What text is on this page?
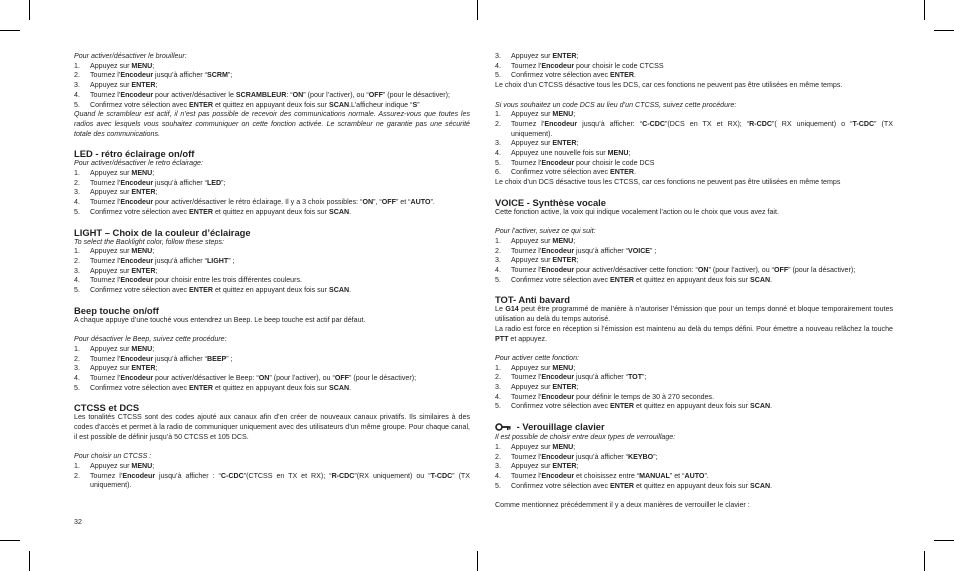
Pour activer/désactiver le brouilleur:

1. Appuyez sur MENU;
2. Tournez l’Encodeur jusqu’à afficher “SCRM”;
3. Appuyez sur ENTER;
4. Tournez l’Encodeur pour activer/désactiver le SCRAMBLEUR: “ON” (pour l’activer), ou “OFF” (pour le désactiver);
5. Confirmez votre sélection avec ENTER et quittez en appuyant deux fois sur SCAN.L’afficheur indique “S”

Quand le scrambleur est actif, il n’est pas possible de recevoir des communications normale. Assurez-vous que toutes les radios avec lesquels vous souhaitez communiquer on cette fonction activée. Le scrambleur ne garantie pas une sécurité totale des communications.

LED - rétro éclairage on/off

Pour activer/désactiver le retro éclairage:

1. Appuyez sur MENU;
2. Tournez l’Encodeur jusqu’à afficher “LED”;
3. Appuyez sur ENTER;
4. Tournez l’Encodeur pour activer/désactiver le rétro éclairage. Il y a 3 choix possibles: “ON”, “OFF” et “AUTO”.
5. Confirmez votre sélection avec ENTER et quittez en appuyant deux fois sur SCAN.
LIGHT – Choix de la couleur d’éclairage

To select the Backlight color, follow these steps:

1. Appuyez sur MENU;
2. Tournez l’Encodeur jusqu’à afficher “LIGHT” ;
3. Appuyez sur ENTER;
4. Tournez l’Encodeur pour choisir entre les trois différentes couleurs.
5. Confirmez votre sélection avec ENTER et quittez en appuyant deux fois sur SCAN.
Beep touche on/off

A chaque appuye d’une touché vous entendrez un Beep. Le beep touche est actif par défaut.

Pour désactiver le Beep, suivez cette procédure:

1. Appuyez sur MENU;
2. Tournez l’Encodeur jusqu’à afficher “BEEP” ;
3. Appuyez sur ENTER;
4. Tournez l’Encodeur pour activer/désactiver le Beep: “ON” (pour l’activer), ou “OFF” (pour le désactiver);
5. Confirmez votre sélection avec ENTER et quittez en appuyant deux fois sur SCAN.
CTCSS et DCS

Les tonalités CTCSS sont des codes ajouté aux canaux afin d’en créer de nouveaux canaux privatifs. Ils similaires à des codes d’accès et permet à la radio de communiquer uniquement avec des utilisateurs d’un même groupe. Pour chaque canal, il est possible de définir jusqu’à 50 CTCSS et 105 DCS.

Pour choisir un CTCSS :

1. Appuyez sur MENU;
2. Tournez l’Encodeur jusqu’à afficher : “C-CDC”(CTCSS en TX et RX); “R-CDC”(RX uniquement) ou “T-CDC” (TX uniquement).
32
3. Appuyez sur ENTER;
4. Tournez l’Encodeur pour choisir le code CTCSS
5. Confirmez votre sélection avec ENTER.

Le choix d’un CTCSS désactive tous les DCS, car ces fonctions ne peuvent pas être utilisées en même temps.

Si vous souhaitez un code DCS au lieu d’un CTCSS, suivez cette procédure:

1. Appuyez sur MENU;
2. Tournez l’Encodeur jusqu’à afficher: “C-CDC”(DCS en TX et RX); “R-CDC”( RX uniquement) o “T-CDC” (TX uniquement).
3. Appuyez sur ENTER;
4. Appuyez une nouvelle fois sur MENU;
5. Tournez l’Encodeur pour choisir le code DCS
6. Confirmez votre sélection avec ENTER.

Le choix d’un DCS désactive tous les CTCSS, car ces fonctions ne peuvent pas être utilisées en même temps

VOICE - Synthèse vocale

Cette fonction active, la voix qui indique vocalement l’action ou le choix que vous avez fait.

Pour l’activer, suivez ce qui suit:

1. Appuyez sur MENU;
2. Tournez l’Encodeur jusqu’à afficher “VOICE” ;
3. Appuyez sur ENTER;
4. Tournez l’Encodeur pour activer/désactiver cette fonction: “ON” (pour l’activer), ou “OFF” (pour la désactiver);
5. Confirmez votre sélection avec ENTER et quittez en appuyant deux fois sur SCAN.
TOT- Anti bavard

Le G14 peut être programmé de manière à n’autoriser l’émission que pour un temps donné et bloque temporairement toutes utilisation au delà du temps autorisé.

La radio est force en réception si l’émission est maintenu au delà du temps défini. Pour émettre a nouveau relâchez la touche PTT et appuyez.

Pour activer cette fonction:

1. Appuyez sur MENU;
2. Tournez l’Encodeur jusqu’à afficher “TOT”;
3. Appuyez sur ENTER;
4. Tournez l’Encodeur pour définir le temps de 30 à 270 secondes.
5. Confirmez votre sélection avec ENTER et quittez en appuyant deux fois sur SCAN.
- Verouillage clavier

Il est possible de choisir entre deux types de verrouillage:

1. Appuyez sur MENU;
2. Tournez l’Encodeur jusqu’à afficher “KEYBO”;
3. Appuyez sur ENTER;
4. Tournez l’Encodeur et choisissez entre “MANUAL” et “AUTO”.
5. Confirmez votre sélection avec ENTER et quittez en appuyant deux fois sur SCAN.

Comme mentionnez précédemment il y a deux manières de verrouiller le clavier :
